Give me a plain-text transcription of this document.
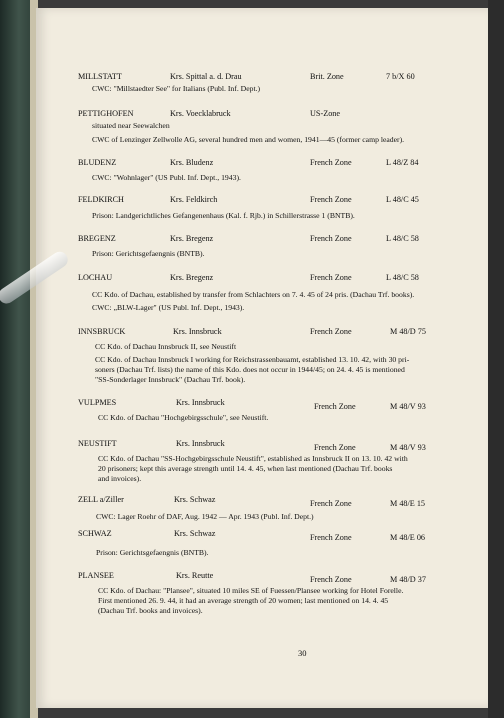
MILLSTATT	Krs. Spittal a. d. Drau	Brit. Zone	7 b/X 60
CWC: "Millstaedter See" for Italians (Publ. Inf. Dept.)
PETTIGHOFEN	Krs. Voecklabruck	US-Zone
situated near Seewalchen
CWC of Lenzinger Zellwolle AG, several hundred men and women, 1941—45 (former camp leader).
BLUDENZ	Krs. Bludenz	French Zone	L 48/Z 84
CWC: "Wohnlager" (US Publ. Inf. Dept., 1943).
FELDKIRCH	Krs. Feldkirch	French Zone	L 48/C 45
Prison: Landgerichtliches Gefangenenhaus (Kal. f. Rjb.) in Schillerstrasse 1 (BNTB).
BREGENZ	Krs. Bregenz	French Zone	L 48/C 58
Prison: Gerichtsgefaengnis (BNTB).
LOCHAU	Krs. Bregenz	French Zone	L 48/C 58
CC Kdo. of Dachau, established by transfer from Schlachters on 7. 4. 45 of 24 pris. (Dachau Trf. books).
CWC: „BLW-Lager" (US Publ. Inf. Dept., 1943).
INNSBRUCK	Krs. Innsbruck	French Zone	M 48/D 75
CC Kdo. of Dachau Innsbruck II, see Neustift
CC Kdo. of Dachau Innsbruck I working for Reichstrassenbauamt, established 13. 10. 42, with 30 pri-
soners (Dachau Trf. lists) the name of this Kdo. does not occur in 1944/45; on 24. 4. 45 is mentioned
"SS-Sonderlager Innsbruck" (Dachau Trf. book).
VULPMES	Krs. Innsbruck	French Zone	M 48/V 93
CC Kdo. of Dachau "Hochgebirgsschule", see Neustift.
NEUSTIFT	Krs. Innsbruck	French Zone	M 48/V 93
CC Kdo. of Dachau "SS-Hochgebirgsschule Neustift", established as Innsbruck II on 13. 10. 42 with
20 prisoners; kept this average strength until 14. 4. 45, when last mentioned (Dachau Trf. books
and invoices).
ZELL a/Ziller	Krs. Schwaz	French Zone	M 48/E 15
CWC: Lager Roehr of DAF, Aug. 1942 — Apr. 1943 (Publ. Inf. Dept.)
SCHWAZ	Krs. Schwaz	French Zone	M 48/E 06
Prison: Gerichtsgefaengnis (BNTB).
PLANSEE	Krs. Reutte	French Zone	M 48/D 37
CC Kdo. of Dachau: "Plansee", situated 10 miles SE of Fuessen/Plansee working for Hotel Forelle.
First mentioned 26. 9. 44, it had an average strength of 20 women; last mentioned on 14. 4. 45
(Dachau Trf. books and invoices).
30
